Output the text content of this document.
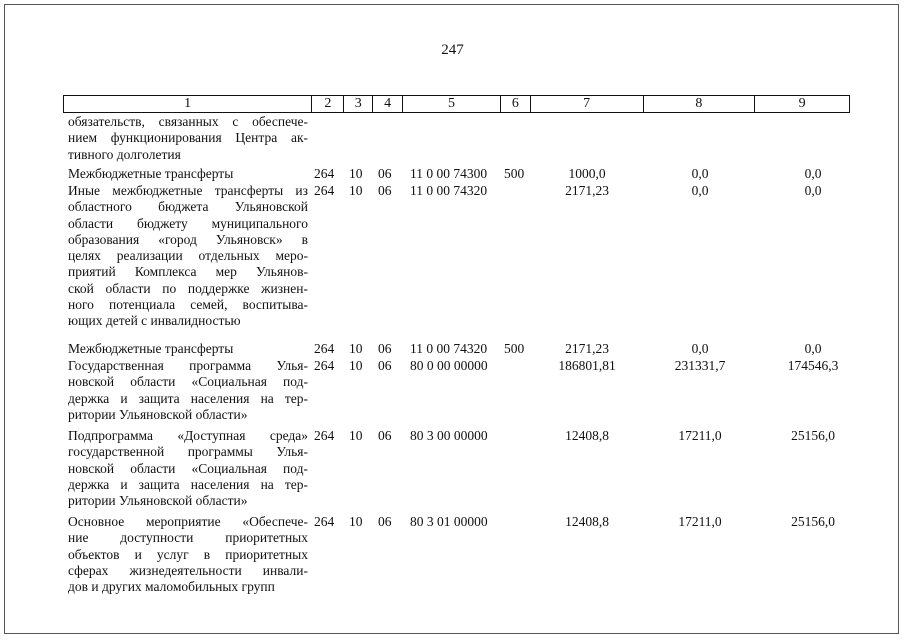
247
1	2	3	4	5	6	7	8	9
обязательств, связанных с обеспече-
нием функционирования Центра ак-
тивного долголетия
Межбюджетные трансферты	264 10 06 11 0 00 74300 500	1000,0	0,0	0,0
Иные межбюджетные трансферты из
областного бюджета Ульяновской
области бюджету муниципального
образования «город Ульяновск» в
целях реализации отдельных меро-
приятий Комплекса мер Ульянов-
ской области по поддержке жизнен-
ного потенциала семей, воспитыва-
ющих детей с инвалидностью
264 10 06 11 0 00 74320	2171,23	0,0	0,0
Межбюджетные трансферты	264 10 06 11 0 00 74320 500	2171,23	0,0	0,0
Государственная программа Улья-
новской области «Социальная под-
держка и защита населения на тер-
ритории Ульяновской области»
264 10 06 80 0 00 00000	186801,81	231331,7	174546,3
Подпрограмма «Доступная среда»
государственной программы Улья-
новской области «Социальная под-
держка и защита населения на тер-
ритории Ульяновской области»
264 10 06 80 3 00 00000	12408,8	17211,0	25156,0
Основное мероприятие «Обеспече-
ние доступности приоритетных
объектов и услуг в приоритетных
сферах жизнедеятельности инвали-
дов и других маломобильных групп
264 10 06 80 3 01 00000	12408,8	17211,0	25156,0
